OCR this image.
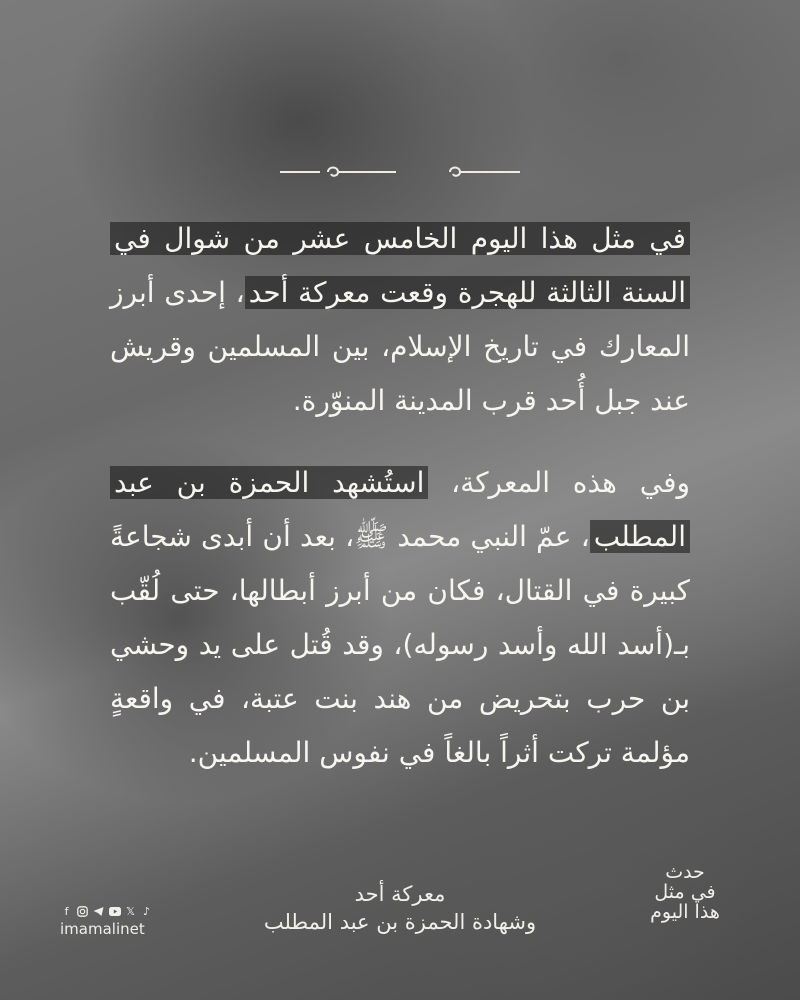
في مثل هذا اليوم الخامس عشر من شوال في السنة الثالثة للهجرة وقعت معركة أحد، إحدى أبرز المعارك في تاريخ الإسلام، بين المسلمين وقريش عند جبل أُحد قرب المدينة المنوّرة.

وفي هذه المعركة، استُشهد الحمزة بن عبد المطلب، عمّ النبي محمد ﷺ، بعد أن أبدى شجاعةً كبيرة في القتال، فكان من أبرز أبطالها، حتى لُقّب بـ(أسد الله وأسد رسوله)، وقد قُتل على يد وحشي بن حرب بتحريض من هند بنت عتبة، في واقعةٍ مؤلمة تركت أثراً بالغاً في نفوس المسلمين.

معركة أحد
وشهادة الحمزة بن عبد المطلب
حدث
في مثل
هذا اليوم
f	𝕏 ♪
imamalinet
